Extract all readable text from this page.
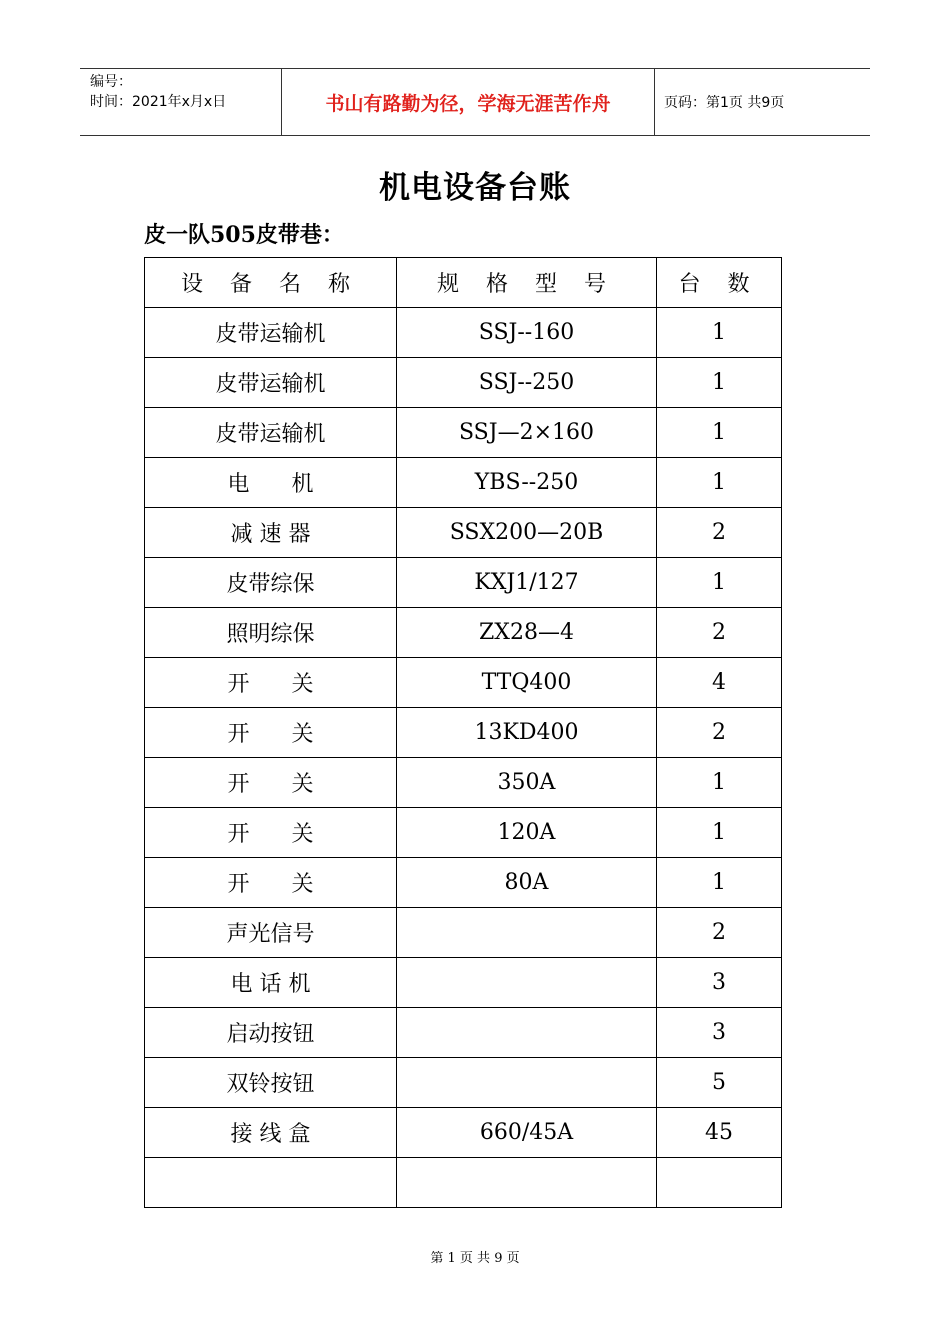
编号：
时间：2021年x月x日	书山有路勤为径，学海无涯苦作舟	页码：第1页 共9页
机电设备台账
皮一队505皮带巷：
设 备 名 称	规 格 型 号	台 数
皮带运输机	SSJ--160	1
皮带运输机	SSJ--250	1
皮带运输机	SSJ—2×160	1
电      机	YBS--250	1
减 速 器	SSX200—20B	2
皮带综保	KXJ1/127	1
照明综保	ZX28—4	2
开      关	TTQ400	4
开      关	13KD400	2
开      关	350A	1
开      关	120A	1
开      关	80A	1
声光信号		2
电 话 机		3
启动按钮		3
双铃按钮		5
接 线 盒	660/45A	45

第 1 页 共 9 页
